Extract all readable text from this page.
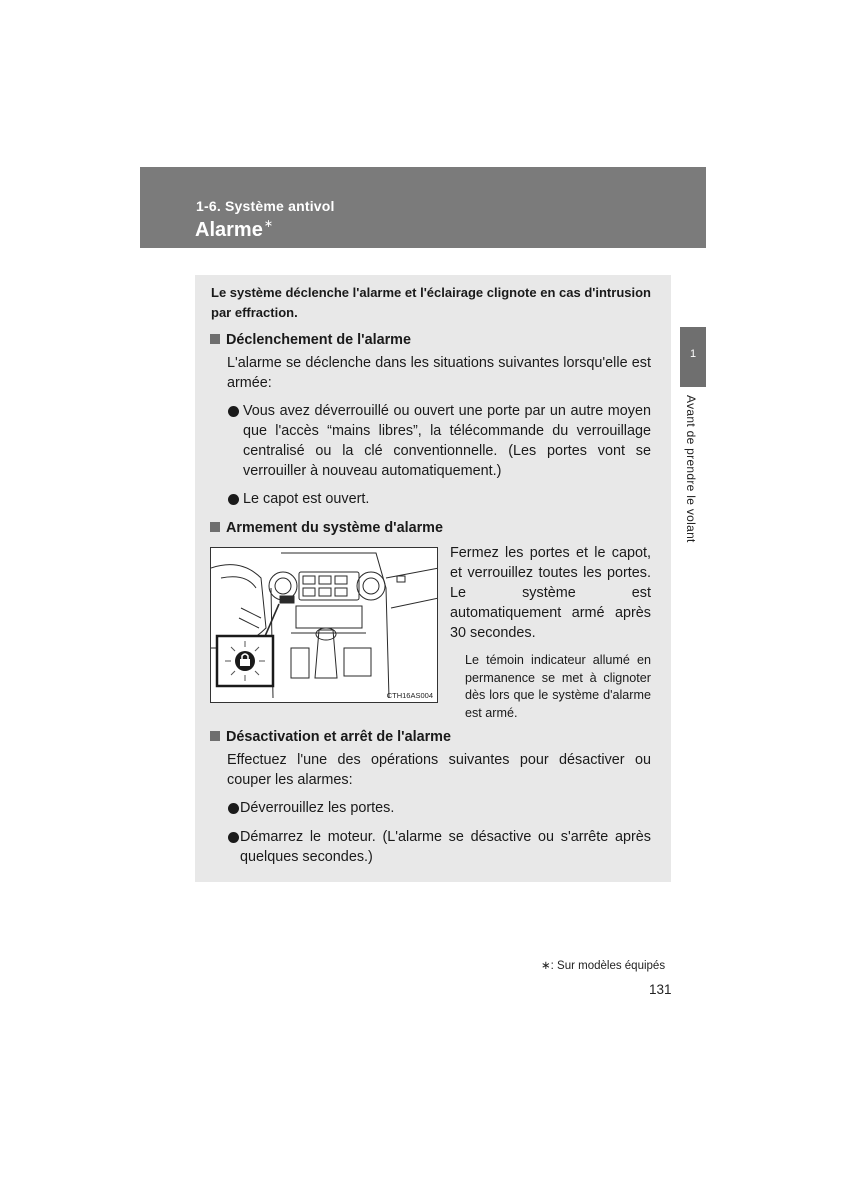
1-6. Système antivol
Alarme∗
1
Avant de prendre le volant
Le système déclenche l'alarme et l'éclairage clignote en cas d'intrusion par effraction.
Déclenchement de l'alarme
L'alarme se déclenche dans les situations suivantes lorsqu'elle est armée:
Vous avez déverrouillé ou ouvert une porte par un autre moyen que l'accès “mains libres”, la télécommande du verrouillage centralisé ou la clé conventionnelle. (Les portes vont se verrouiller à nouveau automatiquement.)
Le capot est ouvert.
Armement du système d'alarme
CTH16AS004
Fermez les portes et le capot, et verrouillez toutes les portes. Le système est automatiquement armé après 30 secondes.
Le témoin indicateur allumé en permanence se met à clignoter dès lors que le système d'alarme est armé.
Désactivation et arrêt de l'alarme
Effectuez l'une des opérations suivantes pour désactiver ou couper les alarmes:
Déverrouillez les portes.
Démarrez le moteur. (L'alarme se désactive ou s'arrête après quelques secondes.)
∗: Sur modèles équipés
131
